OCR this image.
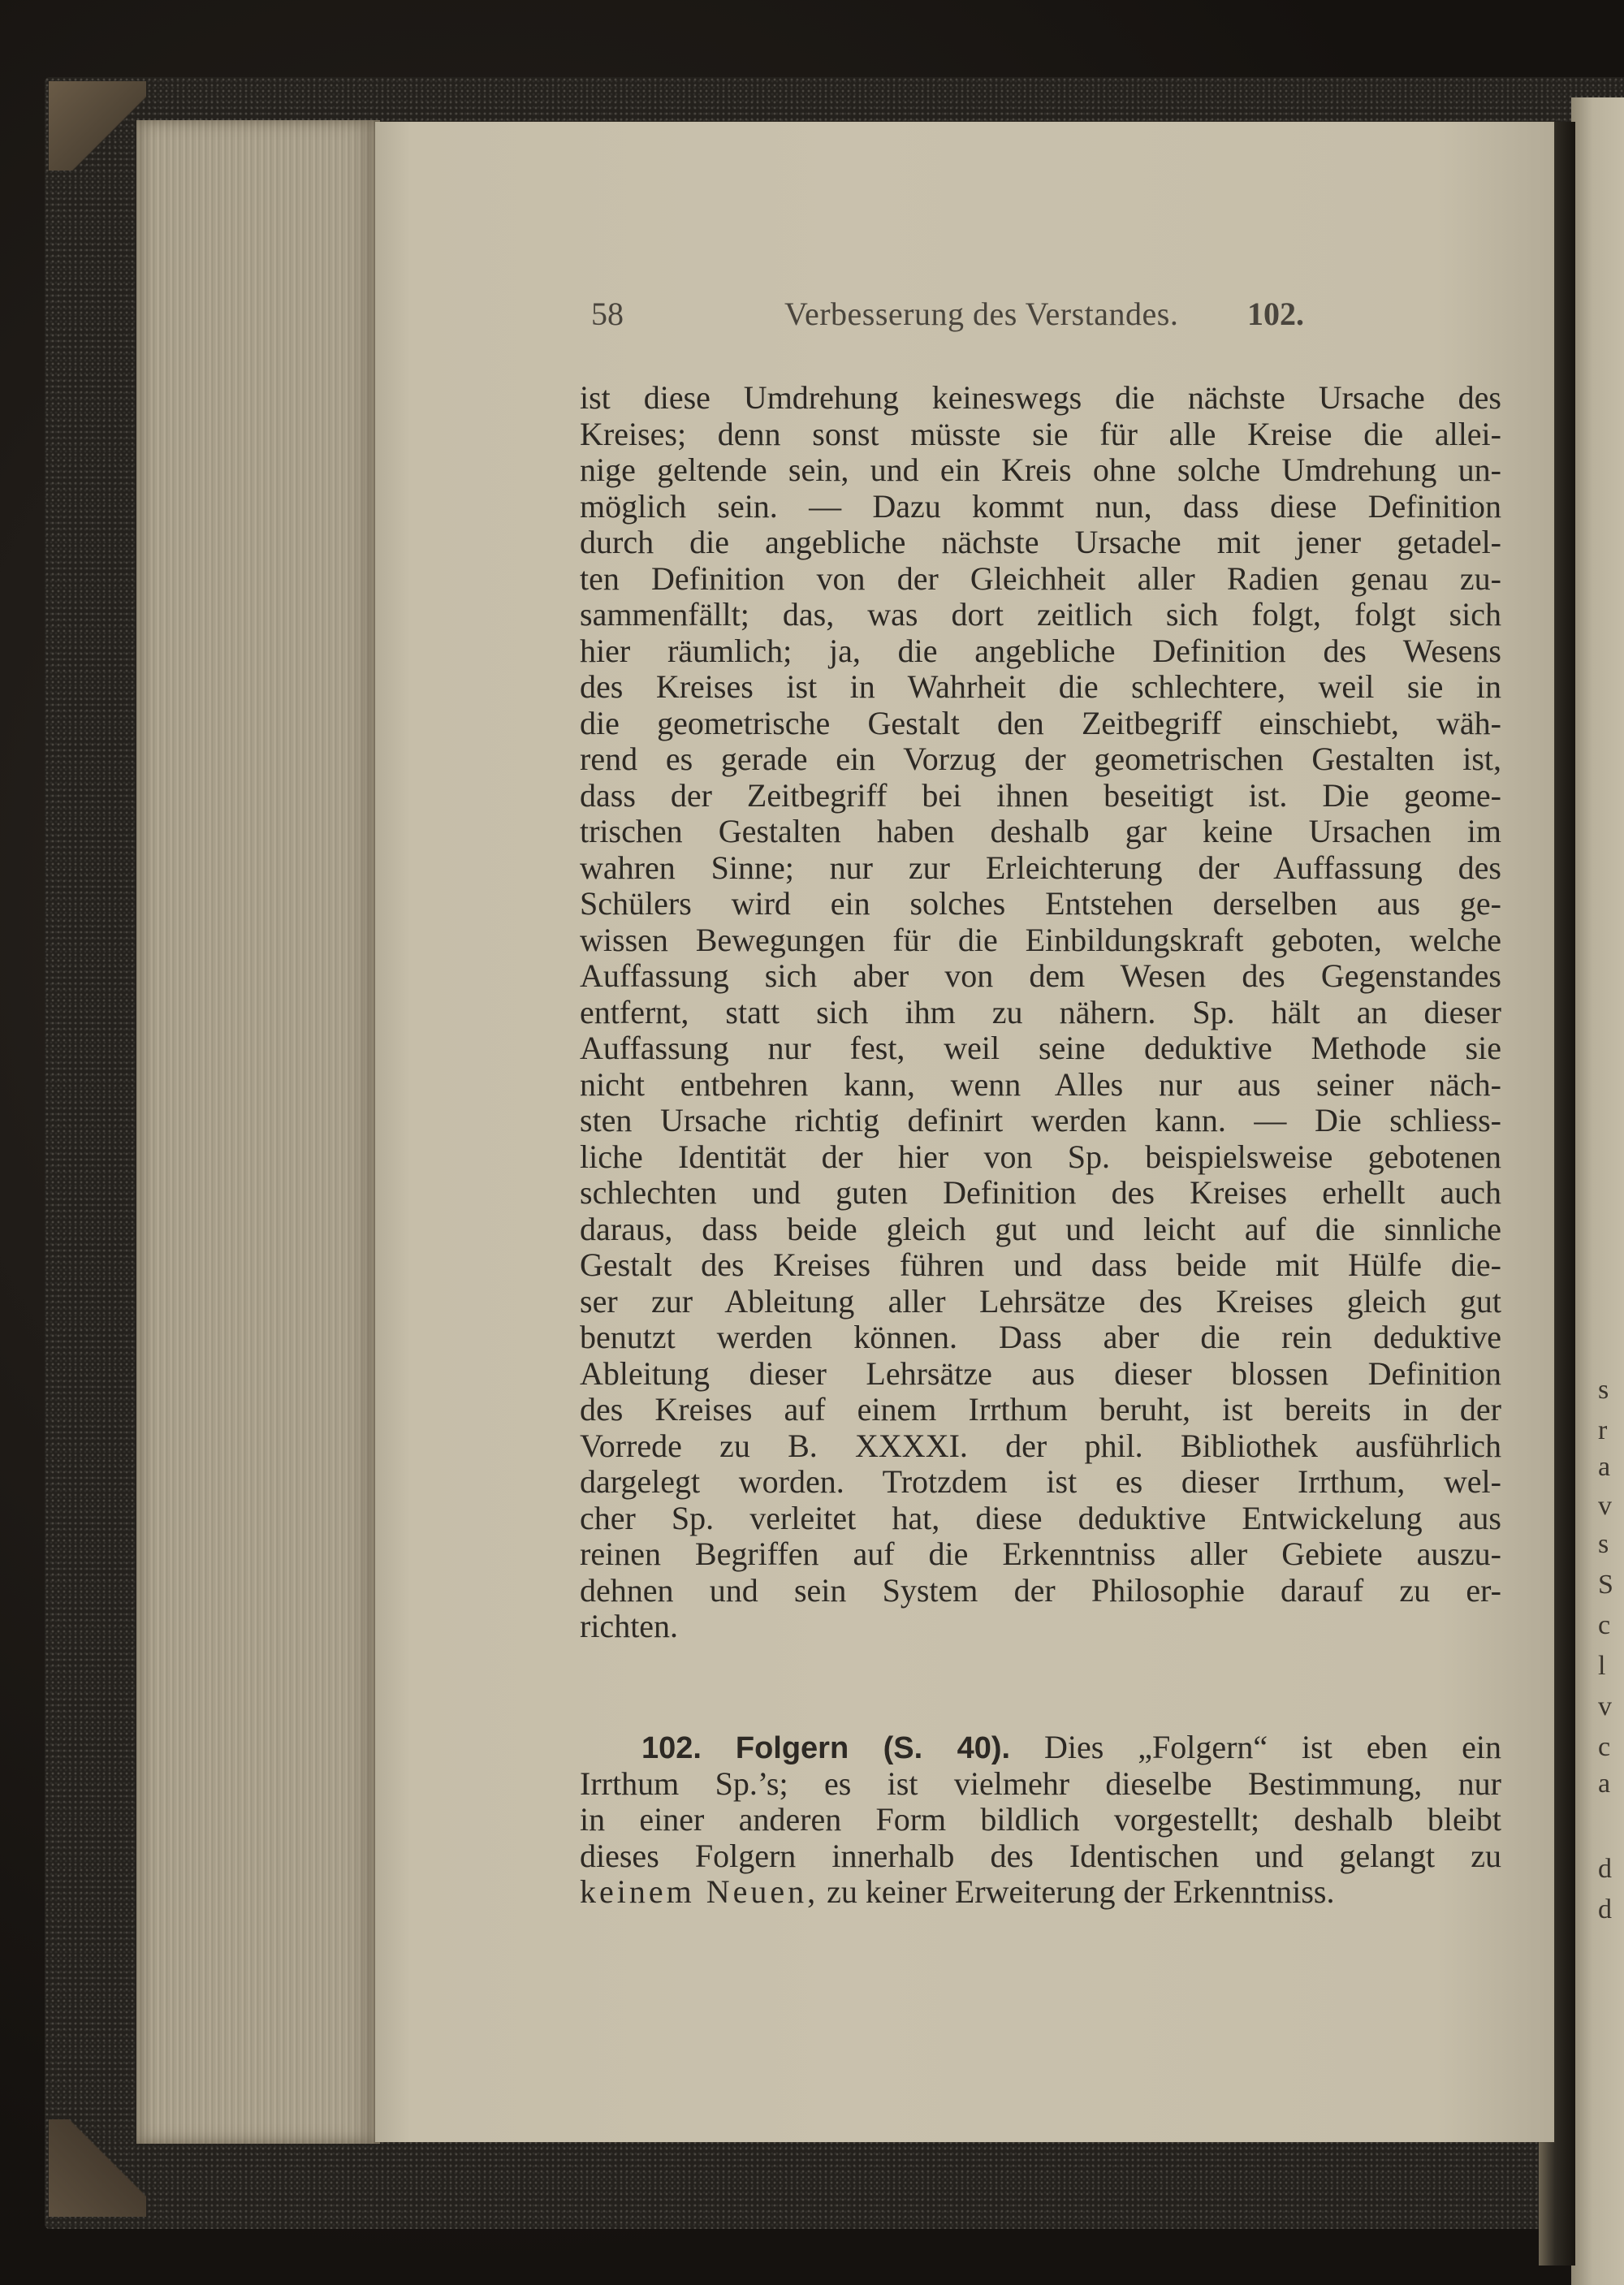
s
r
a
v
s
S
c
l
v
c
a
d
d
58	Verbesserung des Verstandes. 102.
ist diese Umdrehung keineswegs die nächste Ursache des
Kreises; denn sonst müsste sie für alle Kreise die allei-
nige geltende sein, und ein Kreis ohne solche Umdrehung un-
möglich sein. — Dazu kommt nun, dass diese Definition
durch die angebliche nächste Ursache mit jener getadel-
ten Definition von der Gleichheit aller Radien genau zu-
sammenfällt; das, was dort zeitlich sich folgt, folgt sich
hier räumlich; ja, die angebliche Definition des Wesens
des Kreises ist in Wahrheit die schlechtere, weil sie in
die geometrische Gestalt den Zeitbegriff einschiebt, wäh-
rend es gerade ein Vorzug der geometrischen Gestalten ist,
dass der Zeitbegriff bei ihnen beseitigt ist. Die geome-
trischen Gestalten haben deshalb gar keine Ursachen im
wahren Sinne; nur zur Erleichterung der Auffassung des
Schülers wird ein solches Entstehen derselben aus ge-
wissen Bewegungen für die Einbildungskraft geboten, welche
Auffassung sich aber von dem Wesen des Gegenstandes
entfernt, statt sich ihm zu nähern. Sp. hält an dieser
Auffassung nur fest, weil seine deduktive Methode sie
nicht entbehren kann, wenn Alles nur aus seiner näch-
sten Ursache richtig definirt werden kann. — Die schliess-
liche Identität der hier von Sp. beispielsweise gebotenen
schlechten und guten Definition des Kreises erhellt auch
daraus, dass beide gleich gut und leicht auf die sinnliche
Gestalt des Kreises führen und dass beide mit Hülfe die-
ser zur Ableitung aller Lehrsätze des Kreises gleich gut
benutzt werden können. Dass aber die rein deduktive
Ableitung dieser Lehrsätze aus dieser blossen Definition
des Kreises auf einem Irrthum beruht, ist bereits in der
Vorrede zu B. XXXXI. der phil. Bibliothek ausführlich
dargelegt worden. Trotzdem ist es dieser Irrthum, wel-
cher Sp. verleitet hat, diese deduktive Entwickelung aus
reinen Begriffen auf die Erkenntniss aller Gebiete auszu-
dehnen und sein System der Philosophie darauf zu er-
richten.
102. Folgern (S. 40). Dies „Folgern“ ist eben ein
Irrthum Sp.’s; es ist vielmehr dieselbe Bestimmung, nur
in einer anderen Form bildlich vorgestellt; deshalb bleibt
dieses Folgern innerhalb des Identischen und gelangt zu
keinem Neuen, zu keiner Erweiterung der Erkenntniss.
